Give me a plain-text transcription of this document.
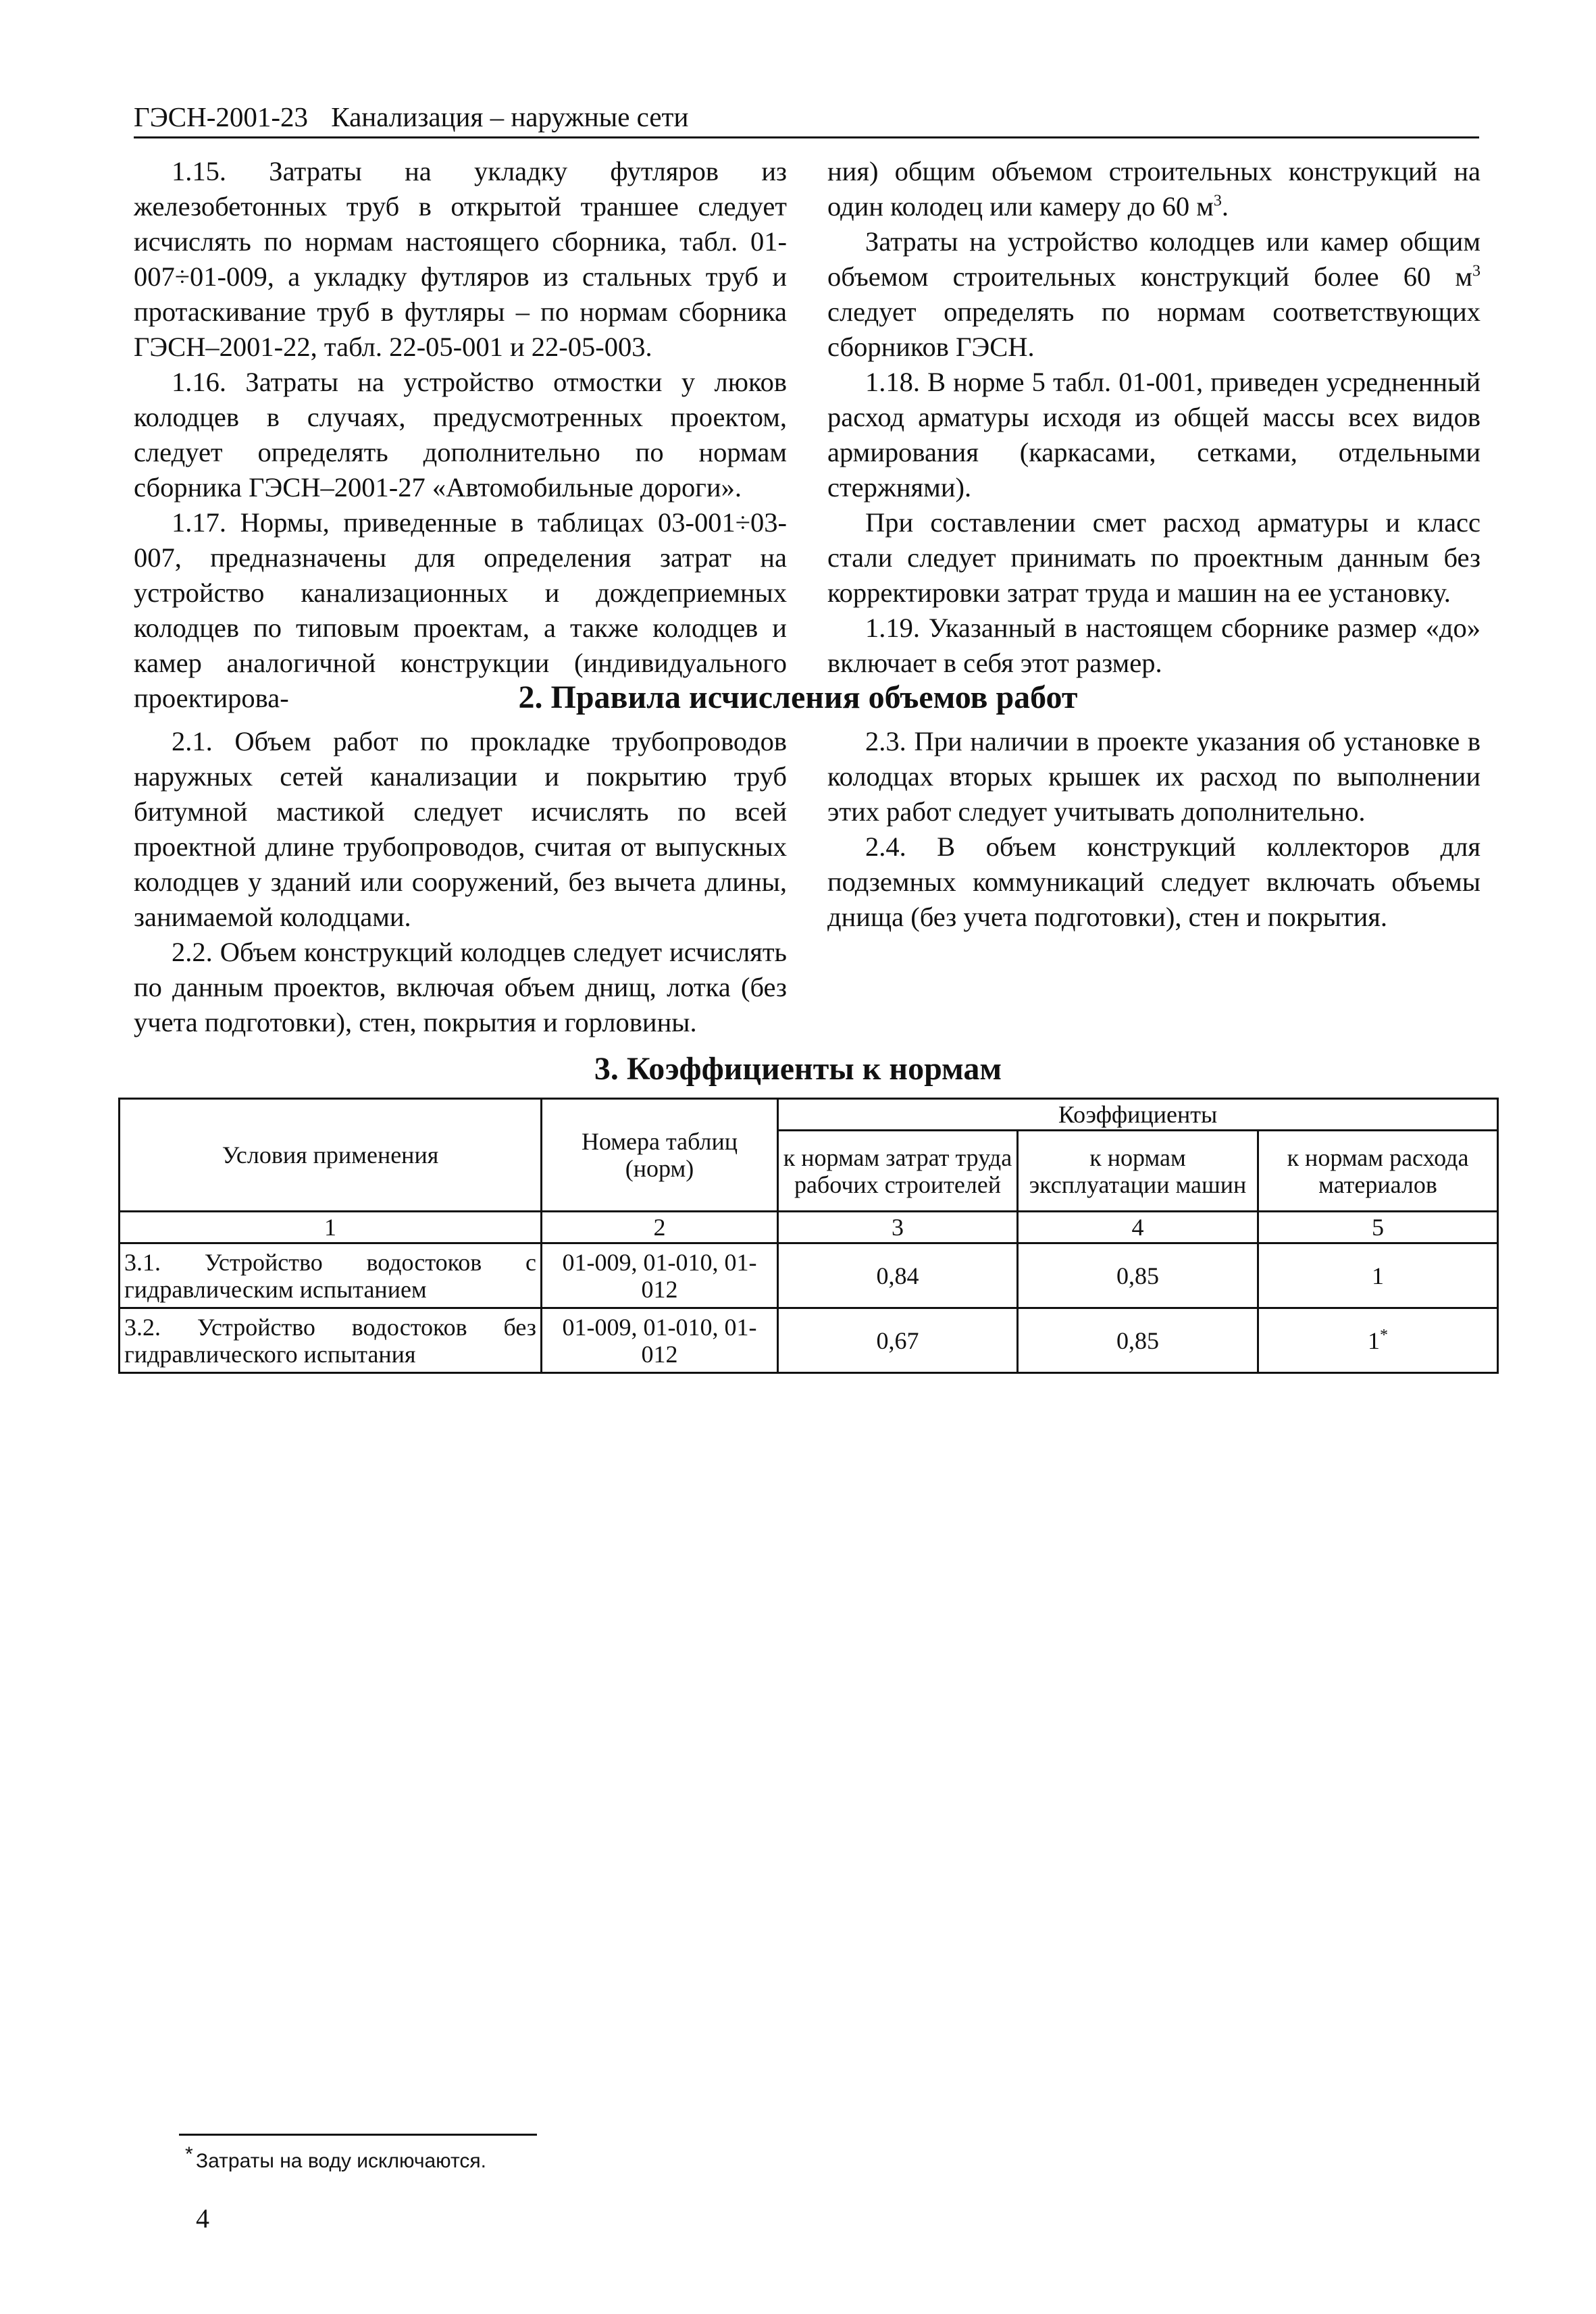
ГЭСН-2001-23 Канализация – наружные сети

1.15. Затраты на укладку футляров из железобетонных труб в открытой траншее следует исчислять по нормам настоящего сборника, табл. 01-007÷01-009, а укладку футляров из стальных труб и протаскивание труб в футляры – по нормам сборника ГЭСН–2001-22, табл. 22-05-001 и 22-05-003.

1.16. Затраты на устройство отмостки у люков колодцев в случаях, предусмотренных проектом, следует определять дополнительно по нормам сборника ГЭСН–2001-27 «Автомобильные дороги».

1.17. Нормы, приведенные в таблицах 03-001÷03-007, предназначены для определения затрат на устройство канализационных и дождеприемных колодцев по типовым проектам, а также колодцев и камер аналогичной конструкции (индивидуального проектирова-

ния) общим объемом строительных конструкций на один колодец или камеру до 60 $м^3$.

Затраты на устройство колодцев или камер общим объемом строительных конструкций более 60 $м^3$ следует определять по нормам соответствующих сборников ГЭСН.

1.18. В норме 5 табл. 01-001, приведен усредненный расход арматуры исходя из общей массы всех видов армирования (каркасами, сетками, отдельными стержнями).

При составлении смет расход арматуры и класс стали следует принимать по проектным данным без корректировки затрат труда и машин на ее установку.

1.19. Указанный в настоящем сборнике размер «до» включает в себя этот размер.

2. Правила исчисления объемов работ

2.1. Объем работ по прокладке трубопроводов наружных сетей канализации и покрытию труб битумной мастикой следует исчислять по всей проектной длине трубопроводов, считая от выпускных колодцев у зданий или сооружений, без вычета длины, занимаемой колодцами.

2.2. Объем конструкций колодцев следует исчислять по данным проектов, включая объем днищ, лотка (без учета подготовки), стен, покрытия и горловины.

2.3. При наличии в проекте указания об установке в колодцах вторых крышек их расход по выполнении этих работ следует учитывать дополнительно.

2.4. В объем конструкций коллекторов для подземных коммуникаций следует включать объемы днища (без учета подготовки), стен и покрытия.

3. Коэффициенты к нормам
Условия применения	Номера таблиц (норм)	Коэффициенты		
		к нормам затрат труда рабочих строителей	к нормам эксплуатации машин	к нормам расхода материалов
1	2	3	4	5
3.1. Устройство водостоков с гидравлическим испытанием	01-009, 01-010, 01-012	0,84	0,85	1
3.2. Устройство водостоков без гидравлического испытания	01-009, 01-010, 01-012	0,67	0,85	1*
* Затраты на воду исключаются.
4
